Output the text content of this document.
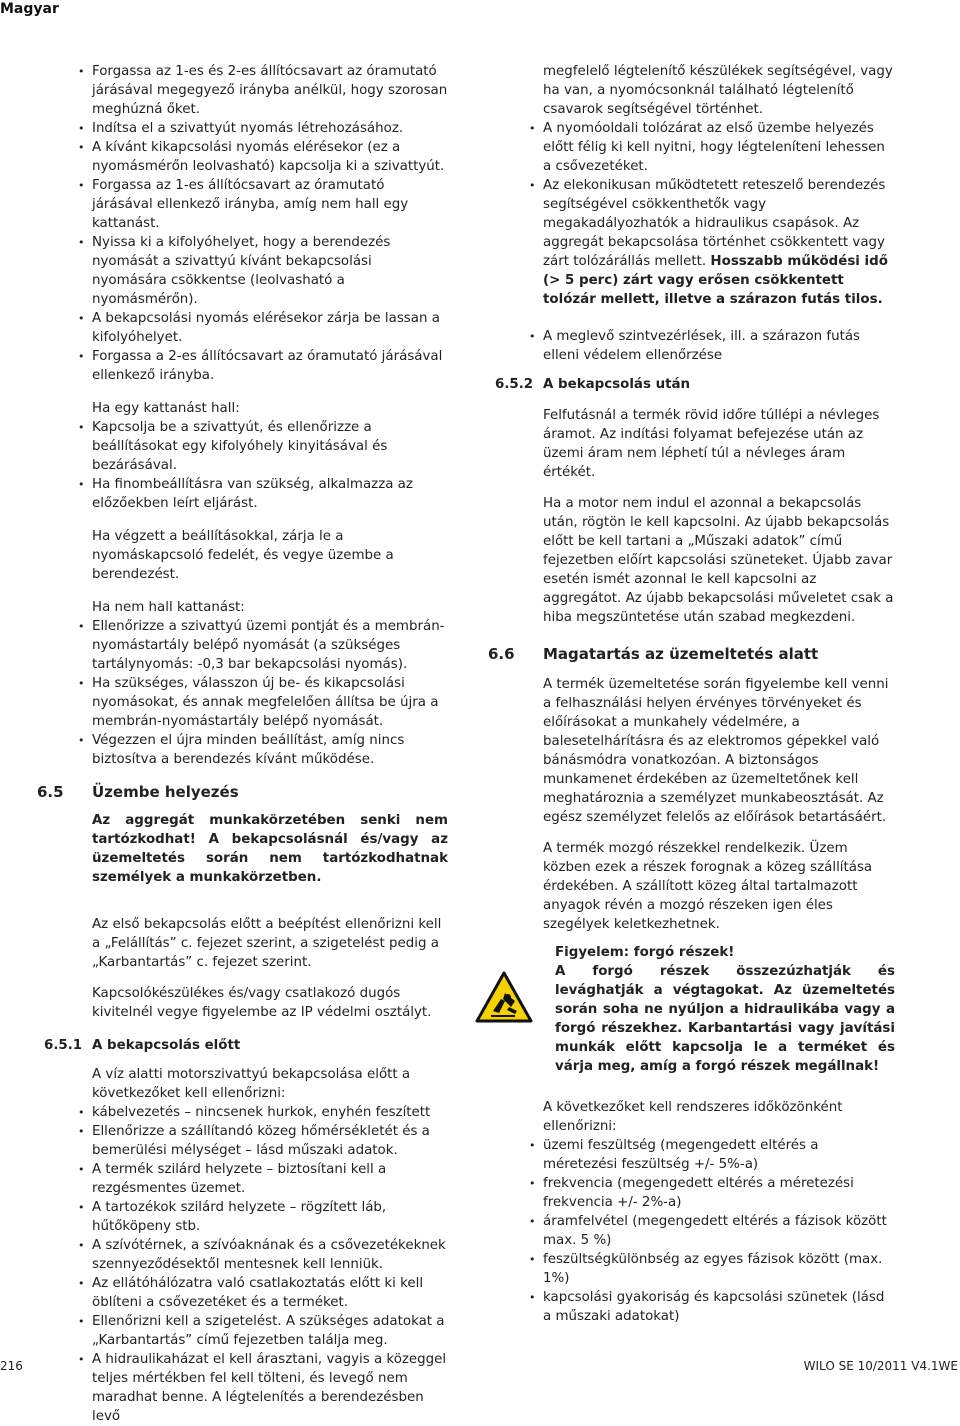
Magyar
• Forgassa az 1-es és 2-es állítócsavart az óramutató járásával megegyező irányba anélkül, hogy szorosan meghúzná őket.
• Indítsa el a szivattyút nyomás létrehozásához.
• A kívánt kikapcsolási nyomás elérésekor (ez a nyomásmérőn leolvasható) kapcsolja ki a szivattyút.
• Forgassa az 1-es állítócsavart az óramutató járásával ellenkező irányba, amíg nem hall egy kattanást.
• Nyissa ki a kifolyóhelyet, hogy a berendezés nyomását a szivattyú kívánt bekapcsolási nyomására csökkentse (leolvasható a nyomásmérőn).
• A bekapcsolási nyomás elérésekor zárja be lassan a kifolyóhelyet.
• Forgassa a 2-es állítócsavart az óramutató járásával ellenkező irányba.

Ha egy kattanást hall:

• Kapcsolja be a szivattyút, és ellenőrizze a beállításokat egy kifolyóhely kinyitásával és bezárásával.
• Ha finombeállításra van szükség, alkalmazza az előzőekben leírt eljárást.

Ha végzett a beállításokkal, zárja le a nyomáskapcsoló fedelét, és vegye üzembe a berendezést.

Ha nem hall kattanást:

• Ellenőrizze a szivattyú üzemi pontját és a membrán-nyomástartály belépő nyomását (a szükséges tartálynyomás: -0,3 bar bekapcsolási nyomás).
• Ha szükséges, válasszon új be- és kikapcsolási nyomásokat, és annak megfelelően állítsa be újra a membrán-nyomástartály belépő nyomását.
• Végezzen el újra minden beállítást, amíg nincs biztosítva a berendezés kívánt működése.
6.5 Üzembe helyezés

Az aggregát munkakörzetében senki nem tartózkodhat! A bekapcsolásnál és/vagy az üzemeltetés során nem tartózkodhatnak személyek a munkakörzetben.

Az első bekapcsolás előtt a beépítést ellenőrizni kell a „Felállítás” c. fejezet szerint, a szigetelést pedig a „Karbantartás” c. fejezet szerint.

Kapcsolókészülékes és/vagy csatlakozó dugós kivitelnél vegye figyelembe az IP védelmi osztályt.

6.5.1 A bekapcsolás előtt

A víz alatti motorszivattyú bekapcsolása előtt a következőket kell ellenőrizni:

• kábelvezetés – nincsenek hurkok, enyhén feszített
• Ellenőrizze a szállítandó közeg hőmérsékletét és a bemerülési mélységet – lásd műszaki adatok.
• A termék szilárd helyzete – biztosítani kell a rezgésmentes üzemet.
• A tartozékok szilárd helyzete – rögzített láb, hűtőköpeny stb.
• A szívótérnek, a szívóaknának és a csővezetékeknek szennyeződésektől mentesnek kell lenniük.
• Az ellátóhálózatra való csatlakoztatás előtt ki kell öblíteni a csővezetéket és a terméket.
• Ellenőrizni kell a szigetelést. A szükséges adatokat a „Karbantartás” című fejezetben találja meg.
• A hidraulikaházat el kell árasztani, vagyis a közeggel teljes mértékben fel kell tölteni, és levegő nem maradhat benne. A légtelenítés a berendezésben levő

megfelelő légtelenítő készülékek segítségével, vagy ha van, a nyomócsonknál található légtelenítő csavarok segítségével történhet.

• A nyomóoldali tolózárat az első üzembe helyezés előtt félig ki kell nyitni, hogy légteleníteni lehessen a csővezetéket.
• Az elekonikusan működtetett reteszelő berendezés segítségével csökkenthetők vagy megakadályozhatók a hidraulikus csapások. Az aggregát bekapcsolása történhet csökkentett vagy zárt tolózárállás mellett. Hosszabb működési idő (> 5 perc) zárt vagy erősen csökkentett tolózár mellett, illetve a szárazon futás tilos.
• A meglevő szintvezérlések, ill. a szárazon futás elleni védelem ellenőrzése
6.5.2 A bekapcsolás után

Felfutásnál a termék rövid időre túllépi a névleges áramot. Az indítási folyamat befejezése után az üzemi áram nem léphetí túl a névleges áram értékét.

Ha a motor nem indul el azonnal a bekapcsolás után, rögtön le kell kapcsolni. Az újabb bekapcsolás előtt be kell tartani a „Műszaki adatok” című fejezetben előírt kapcsolási szüneteket. Újabb zavar esetén ismét azonnal le kell kapcsolni az aggregátot. Az újabb bekapcsolási műveletet csak a hiba megszüntetése után szabad megkezdeni.

6.6 Magatartás az üzemeltetés alatt

A termék üzemeltetése során figyelembe kell venni a felhasználási helyen érvényes törvényeket és előírásokat a munkahely védelmére, a balesetelhárításra és az elektromos gépekkel való bánásmódra vonatkozóan. A biztonságos munkamenet érdekében az üzemeltetőnek kell meghatároznia a személyzet munkabeosztását. Az egész személyzet felelős az előírások betartásáért.

A termék mozgó részekkel rendelkezik. Üzem közben ezek a részek forognak a közeg szállítása érdekében. A szállított közeg által tartalmazott anyagok révén a mozgó részeken igen éles szegélyek keletkezhetnek.

Figyelem: forgó részek!

A forgó részek összezúzhatják és levághatják a végtagokat. Az üzemeltetés során soha ne nyúljon a hidraulikába vagy a forgó részekhez. Karbantartási vagy javítási munkák előtt kapcsolja le a terméket és várja meg, amíg a forgó részek megállnak!

A következőket kell rendszeres időközönként ellenőrizni:

• üzemi feszültség (megengedett eltérés a méretezési feszültség +/- 5%-a)
• frekvencia (megengedett eltérés a méretezési frekvencia +/- 2%-a)
• áramfelvétel (megengedett eltérés a fázisok között max. 5 %)
• feszültségkülönbség az egyes fázisok között (max. 1%)
• kapcsolási gyakoriság és kapcsolási szünetek (lásd a műszaki adatokat)
216	WILO SE 10/2011 V4.1WE
